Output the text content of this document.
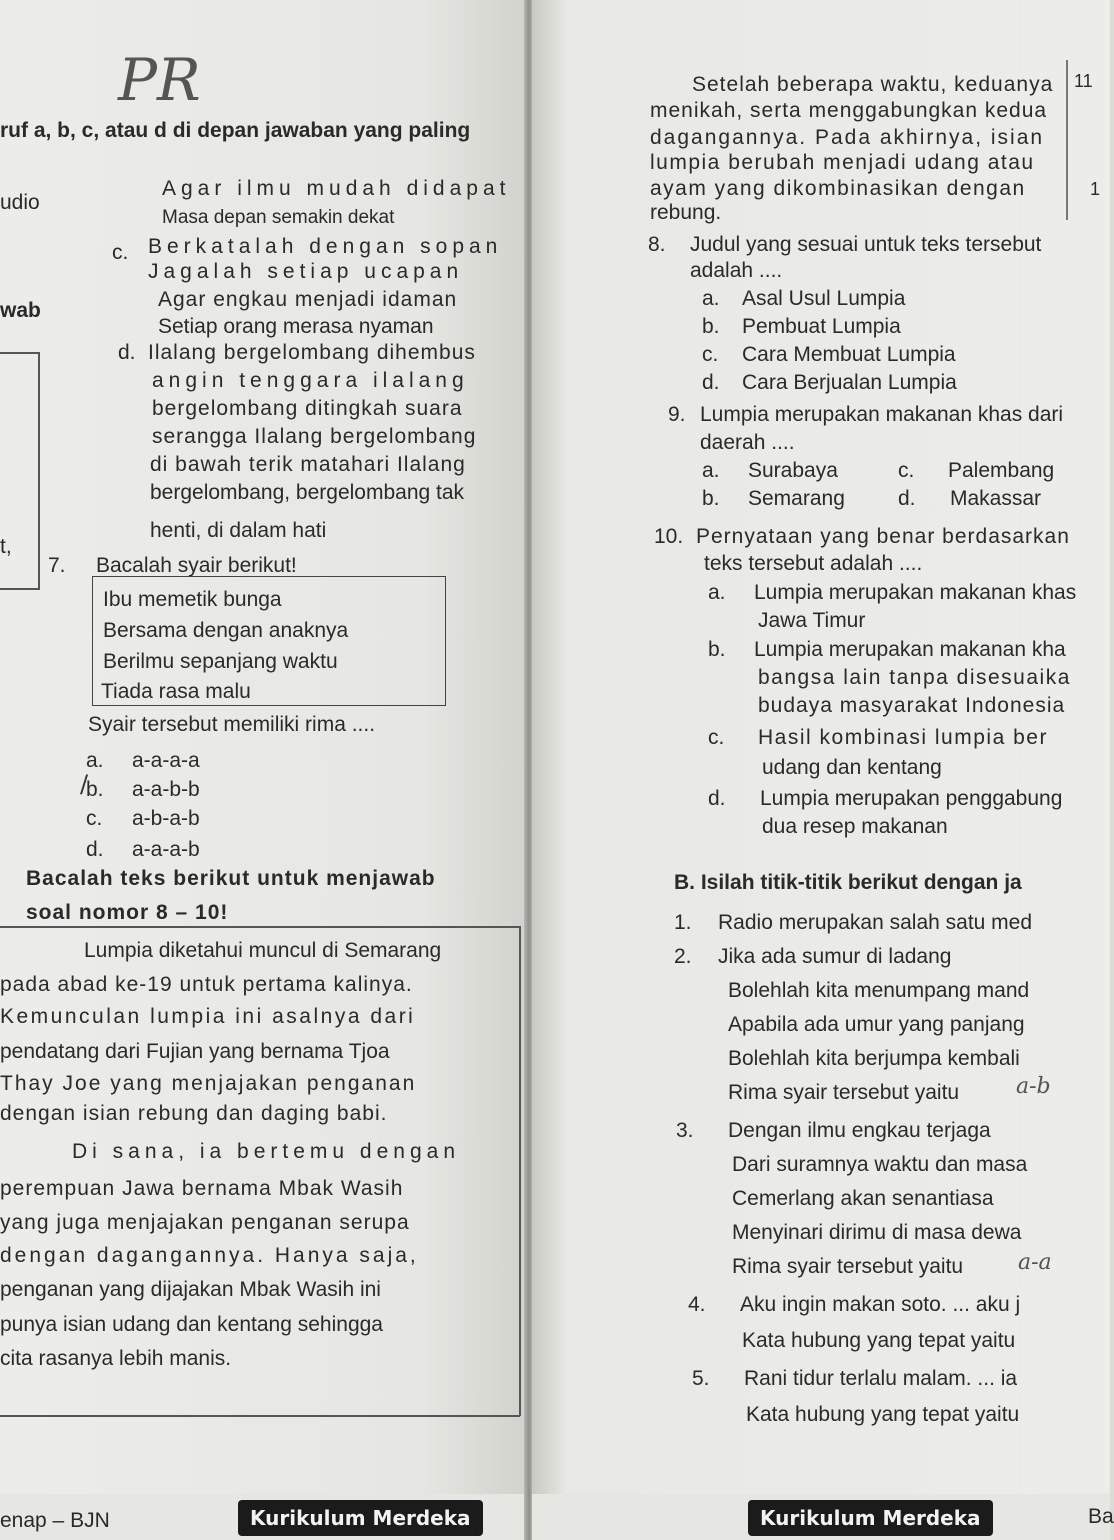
PR
ruf a, b, c, atau d di depan jawaban yang paling
udio
Agar ilmu mudah didapat
Masa depan semakin dekat
c. Berkatalah dengan sopan
Jagalah setiap ucapan
wab	Agar engkau menjadi idaman
Setiap orang merasa nyaman
d. Ilalang bergelombang dihembus
angin tenggara ilalang
bergelombang ditingkah suara
serangga Ilalang bergelombang
di bawah terik matahari Ilalang
bergelombang, bergelombang tak
henti, di dalam hati
t,
7. Bacalah syair berikut!
Ibu memetik bunga
Bersama dengan anaknya
Berilmu sepanjang waktu
Tiada rasa malu
Syair tersebut memiliki rima ....
a. a-a-a-a
b. a-a-b-b
/
c. a-b-a-b
d. a-a-a-b
Bacalah teks berikut untuk menjawab
soal nomor 8 – 10!
Lumpia diketahui muncul di Semarang
pada abad ke-19 untuk pertama kalinya.
Kemunculan lumpia ini asalnya dari
pendatang dari Fujian yang bernama Tjoa
Thay Joe yang menjajakan penganan
dengan isian rebung dan daging babi.
Di sana, ia bertemu dengan
perempuan Jawa bernama Mbak Wasih
yang juga menjajakan penganan serupa
dengan dagangannya. Hanya saja,
penganan yang dijajakan Mbak Wasih ini
punya isian udang dan kentang sehingga
cita rasanya lebih manis.
enap – BJN	Kurikulum Merdeka
11
1
Setelah beberapa waktu, keduanya
menikah, serta menggabungkan kedua
dagangannya. Pada akhirnya, isian
lumpia berubah menjadi udang atau
ayam yang dikombinasikan dengan
rebung.
8. Judul yang sesuai untuk teks tersebut
adalah ....
a. Asal Usul Lumpia
b. Pembuat Lumpia
c. Cara Membuat Lumpia
d. Cara Berjualan Lumpia
9. Lumpia merupakan makanan khas dari
daerah ....
a. Surabaya	c. Palembang
b. Semarang	d. Makassar
10. Pernyataan yang benar berdasarkan
teks tersebut adalah ....
a. Lumpia merupakan makanan khas
Jawa Timur
b. Lumpia merupakan makanan kha
bangsa lain tanpa disesuaika
budaya masyarakat Indonesia
c. Hasil kombinasi lumpia ber
udang dan kentang
d. Lumpia merupakan penggabung
dua resep makanan
B. Isilah titik-titik berikut dengan ja
1. Radio merupakan salah satu med
2. Jika ada sumur di ladang
Bolehlah kita menumpang mand
Apabila ada umur yang panjang
Bolehlah kita berjumpa kembali
Rima syair tersebut yaitu	a-b
3. Dengan ilmu engkau terjaga
Dari suramnya waktu dan masa
Cemerlang akan senantiasa
Menyinari dirimu di masa dewa
Rima syair tersebut yaitu a-a
4. Aku ingin makan soto. ... aku j
Kata hubung yang tepat yaitu
5. Rani tidur terlalu malam. ... ia
Kata hubung yang tepat yaitu
Kurikulum Merdeka	Ba
